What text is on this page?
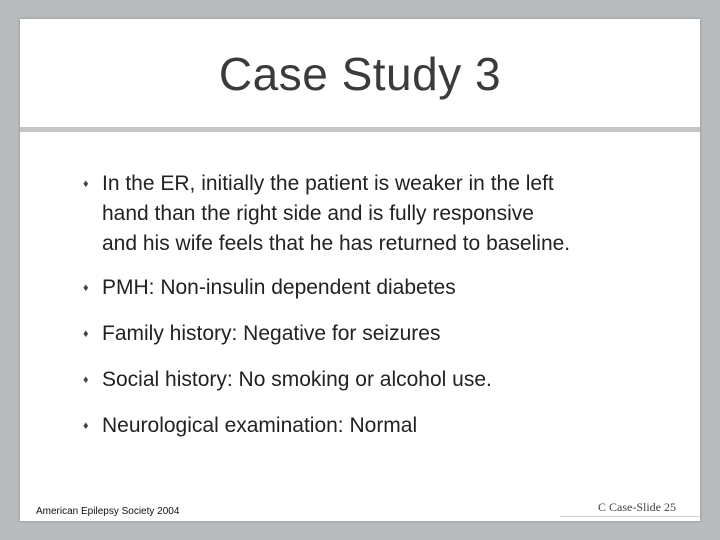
Case Study 3
♦ In the ER, initially the patient is weaker in the left
hand than the right side and is fully responsive
and his wife feels that he has returned to baseline.
♦ PMH: Non-insulin dependent diabetes
♦ Family history: Negative for seizures
♦ Social history: No smoking or alcohol use.
♦ Neurological examination: Normal
American Epilepsy Society 2004	C Case-Slide 25
